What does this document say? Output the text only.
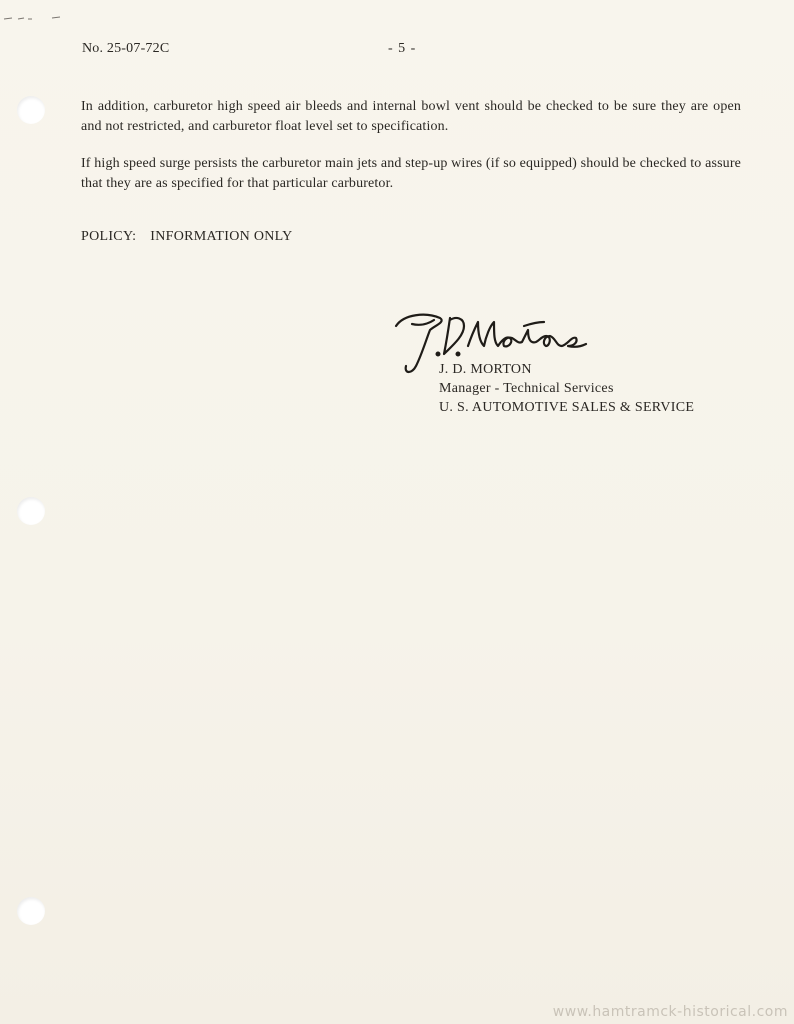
No. 25-07-72C	- 5 -

In addition, carburetor high speed air bleeds and internal bowl vent should be checked to be sure they are open and not restricted, and carburetor float level set to specification.

If high speed surge persists the carburetor main jets and step-up wires (if so equipped) should be checked to assure that they are as specified for that particular carburetor.

POLICY: INFORMATION ONLY
J. D. MORTON
Manager - Technical Services
U. S. AUTOMOTIVE SALES & SERVICE
www.hamtramck-historical.com
